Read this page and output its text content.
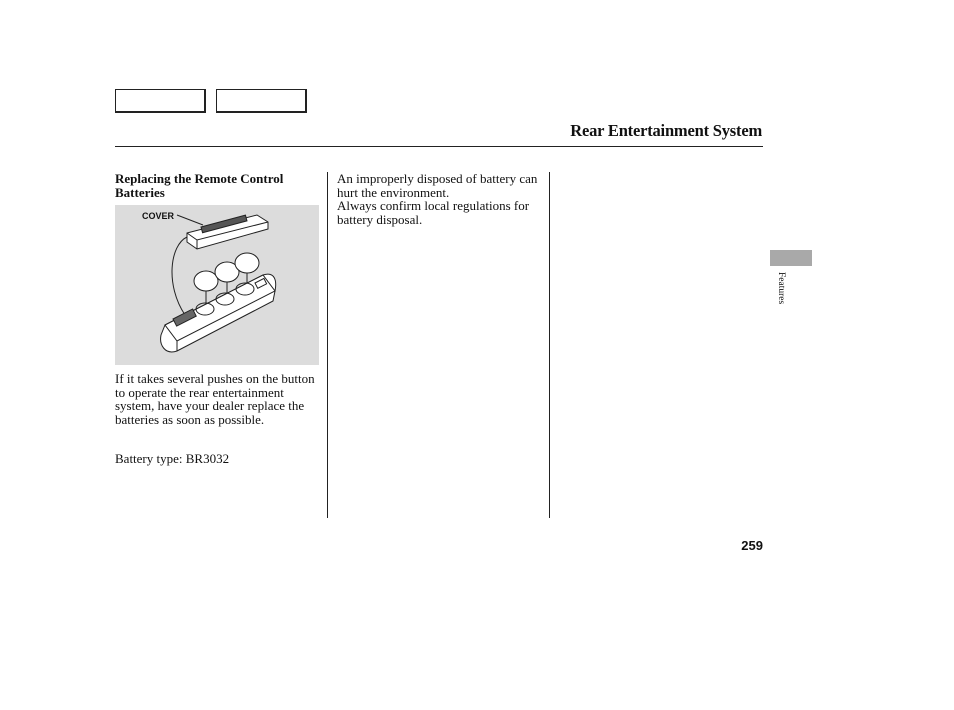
Rear Entertainment System
Replacing the Remote Control Batteries
COVER
If it takes several pushes on the button to operate the rear entertainment system, have your dealer replace the batteries as soon as possible.
Battery type: BR3032
An improperly disposed of battery can hurt the environment.
Always confirm local regulations for battery disposal.
Features
259
